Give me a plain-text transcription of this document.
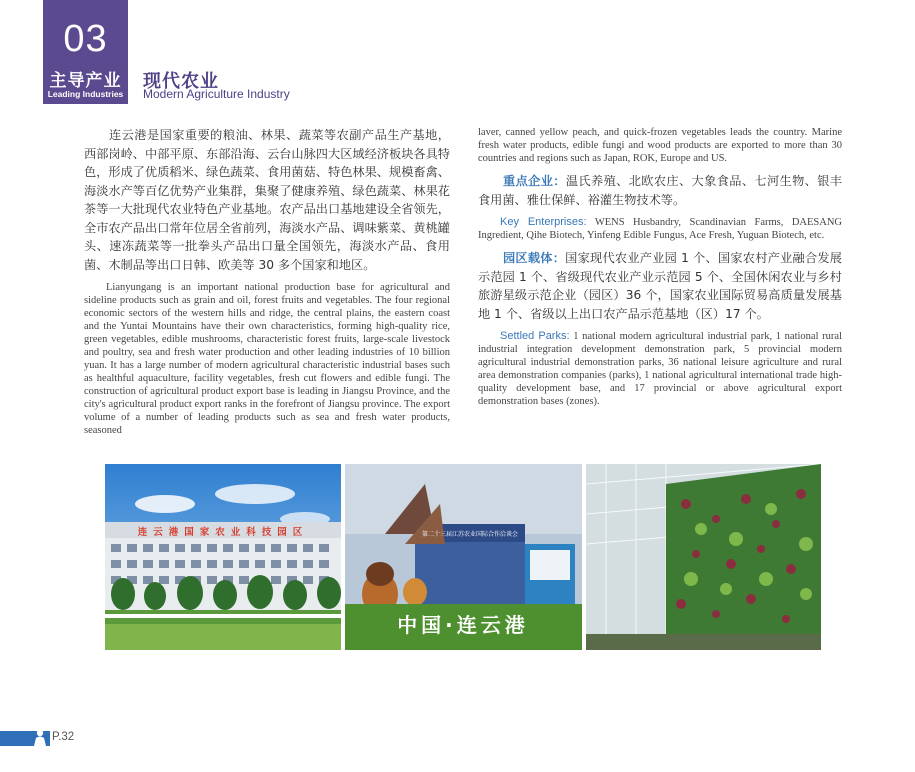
03
主导产业
Leading Industries
现代农业
Modern Agriculture Industry

连云港是国家重要的粮油、林果、蔬菜等农副产品生产基地，西部岗岭、中部平原、东部沿海、云台山脉四大区域经济板块各具特色，形成了优质稻米、绿色蔬菜、食用菌菇、特色林果、规模畜禽、海淡水产等百亿优势产业集群，集聚了健康养殖、绿色蔬菜、林果花茶等一大批现代农业特色产业基地。农产品出口基地建设全省领先，全市农产品出口常年位居全省前列，海淡水产品、调味紫菜、黄桃罐头、速冻蔬菜等一批拳头产品出口量全国领先，海淡水产品、食用菌、木制品等出口日韩、欧美等 30 多个国家和地区。

Lianyungang is an important national production base for agricultural and sideline products such as grain and oil, forest fruits and vegetables. The four regional economic sectors of the western hills and ridge, the central plains, the eastern coast and the Yuntai Mountains have their own characteristics, forming high-quality rice, green vegetables, edible mushrooms, characteristic forest fruits, large-scale livestock and poultry, sea and fresh water production and other leading industries of 10 billion yuan. It has a large number of modern agricultural characteristic industrial bases such as healthful aquaculture, facility vegetables, fresh cut flowers and edible fungi. The construction of agricultural product export base is leading in Jiangsu Province, and the city's agricultural product export ranks in the forefront of Jiangsu province. The export volume of a number of leading products such as sea and fresh water products, seasoned

laver, canned yellow peach, and quick-frozen vegetables leads the country. Marine fresh water products, edible fungi and wood products are exported to more than 30 countries and regions such as Japan, ROK, Europe and US.

重点企业：温氏养殖、北欧农庄、大象食品、七河生物、银丰食用菌、雅仕保鲜、裕灌生物技术等。

Key Enterprises: WENS Husbandry, Scandinavian Farms, DAESANG Ingredient, Qihe Biotech, Yinfeng Edible Fungus, Ace Fresh, Yuguan Biotech, etc.

园区载体：国家现代农业产业园 1 个、国家农村产业融合发展示范园 1 个、省级现代农业产业示范园 5 个、全国休闲农业与乡村旅游星级示范企业（园区）36 个，国家农业国际贸易高质量发展基地 1 个、省级以上出口农产品示范基地（区）17 个。

Settled Parks: 1 national modern agricultural industrial park, 1 national rural industrial integration development demonstration park, 5 provincial modern agricultural industrial demonstration parks, 36 national leisure agriculture and rural area demonstration companies (parks), 1 national agricultural international trade high-quality development base, and 17 provincial or above agricultural export demonstration bases (zones).

连云港国家农业科技园区	第二十三届江苏农业国际合作洽谈会
中国·连云港
P.32
